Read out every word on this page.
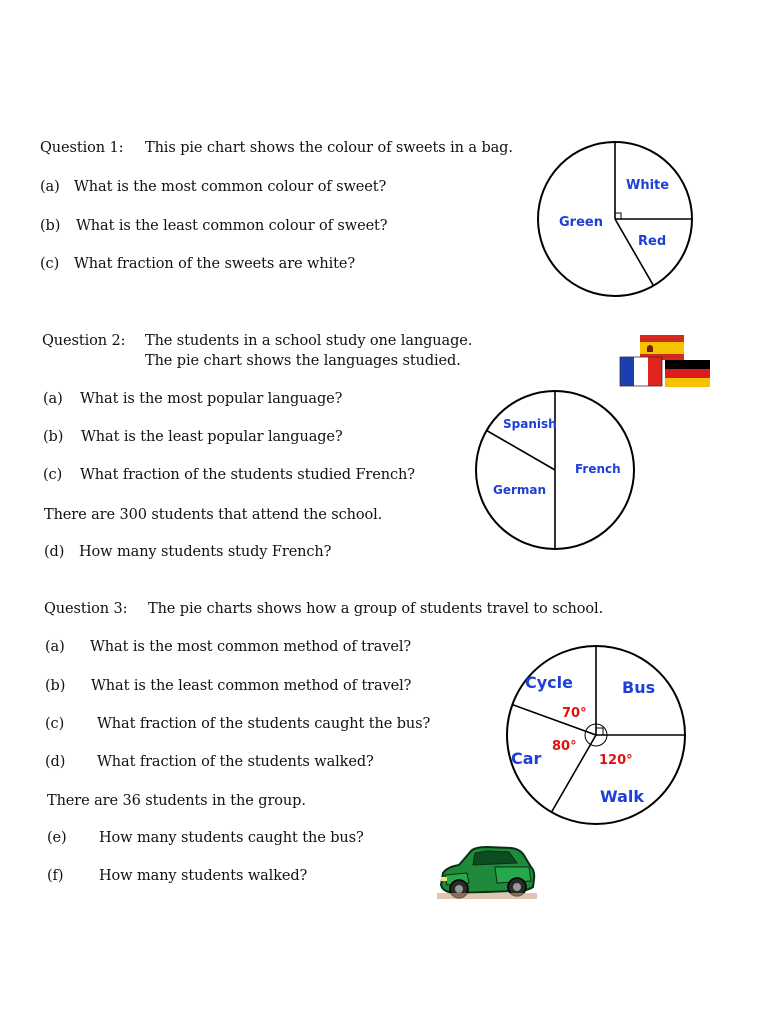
Question 1: This pie chart shows the colour of sweets in a bag.
(a) What is the most common colour of sweet?
(b) What is the least common colour of sweet?
(c) What fraction of the sweets are white?
White
Red
Green
Question 2: The students in a school study one language.
The pie chart shows the languages studied.
(a) What is the most popular language?
(b) What is the least popular language?
(c) What fraction of the students studied French?
There are 300 students that attend the school.
(d) How many students study French?
French
German
Spanish
Question 3: The pie charts shows how a group of students travel to school.
(a) What is the most common method of travel?
(b) What is the least common method of travel?
(c) What fraction of the students caught the bus?
(d) What fraction of the students walked?
There are 36 students in the group.
(e) How many students caught the bus?
(f) How many students walked?
Cycle	Bus
Car
Walk
70°
80°
120°
